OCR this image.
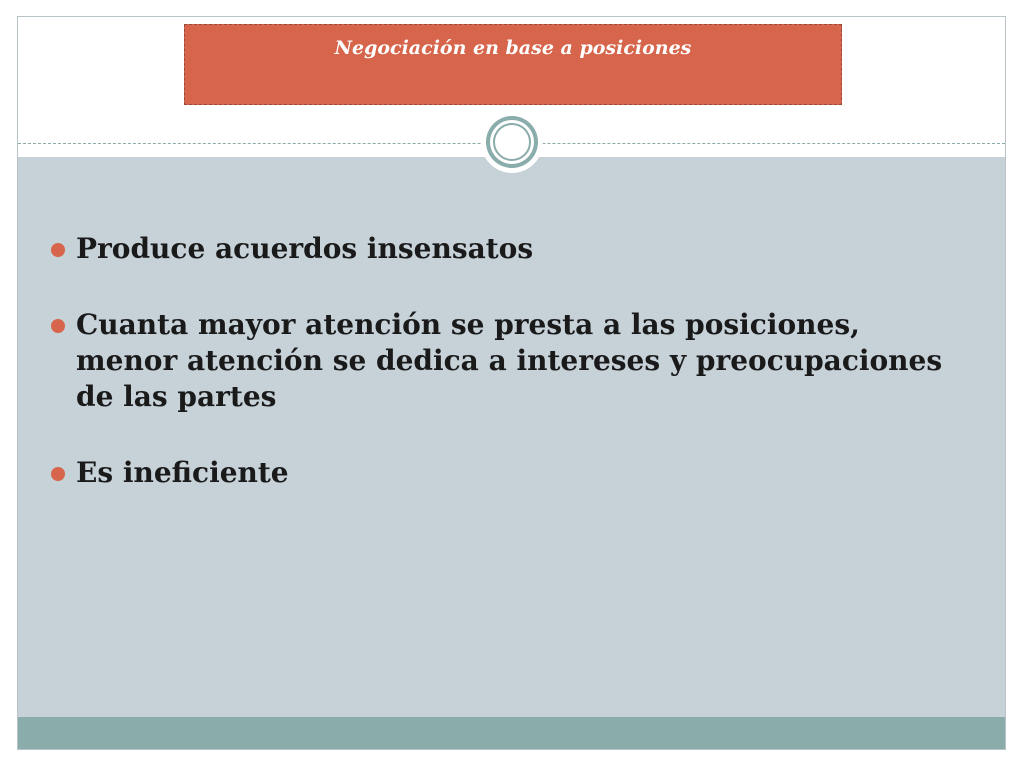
Negociación en base a posiciones
Produce acuerdos insensatos
Cuanta mayor atención se presta a las posiciones, menor atención se dedica a intereses y preocupaciones de las partes
Es ineficiente
